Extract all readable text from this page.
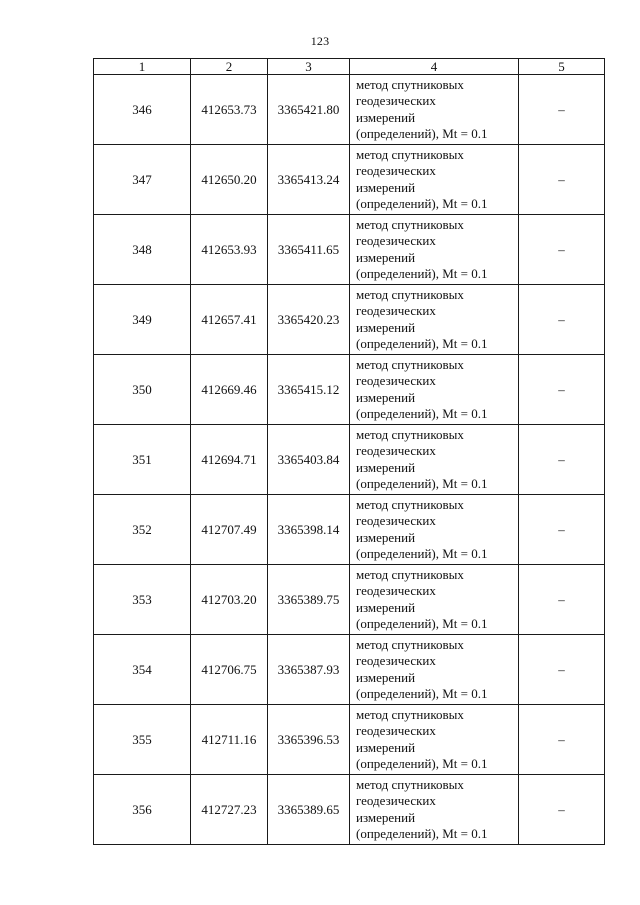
123
1	2	3	4	5
346	412653.73	3365421.80	метод спутниковых
геодезических
измерений
(определений), Mt = 0.1	–
347	412650.20	3365413.24	метод спутниковых
геодезических
измерений
(определений), Mt = 0.1	–
348	412653.93	3365411.65	метод спутниковых
геодезических
измерений
(определений), Mt = 0.1	–
349	412657.41	3365420.23	метод спутниковых
геодезических
измерений
(определений), Mt = 0.1	–
350	412669.46	3365415.12	метод спутниковых
геодезических
измерений
(определений), Mt = 0.1	–
351	412694.71	3365403.84	метод спутниковых
геодезических
измерений
(определений), Mt = 0.1	–
352	412707.49	3365398.14	метод спутниковых
геодезических
измерений
(определений), Mt = 0.1	–
353	412703.20	3365389.75	метод спутниковых
геодезических
измерений
(определений), Mt = 0.1	–
354	412706.75	3365387.93	метод спутниковых
геодезических
измерений
(определений), Mt = 0.1	–
355	412711.16	3365396.53	метод спутниковых
геодезических
измерений
(определений), Mt = 0.1	–
356	412727.23	3365389.65	метод спутниковых
геодезических
измерений
(определений), Mt = 0.1	–
